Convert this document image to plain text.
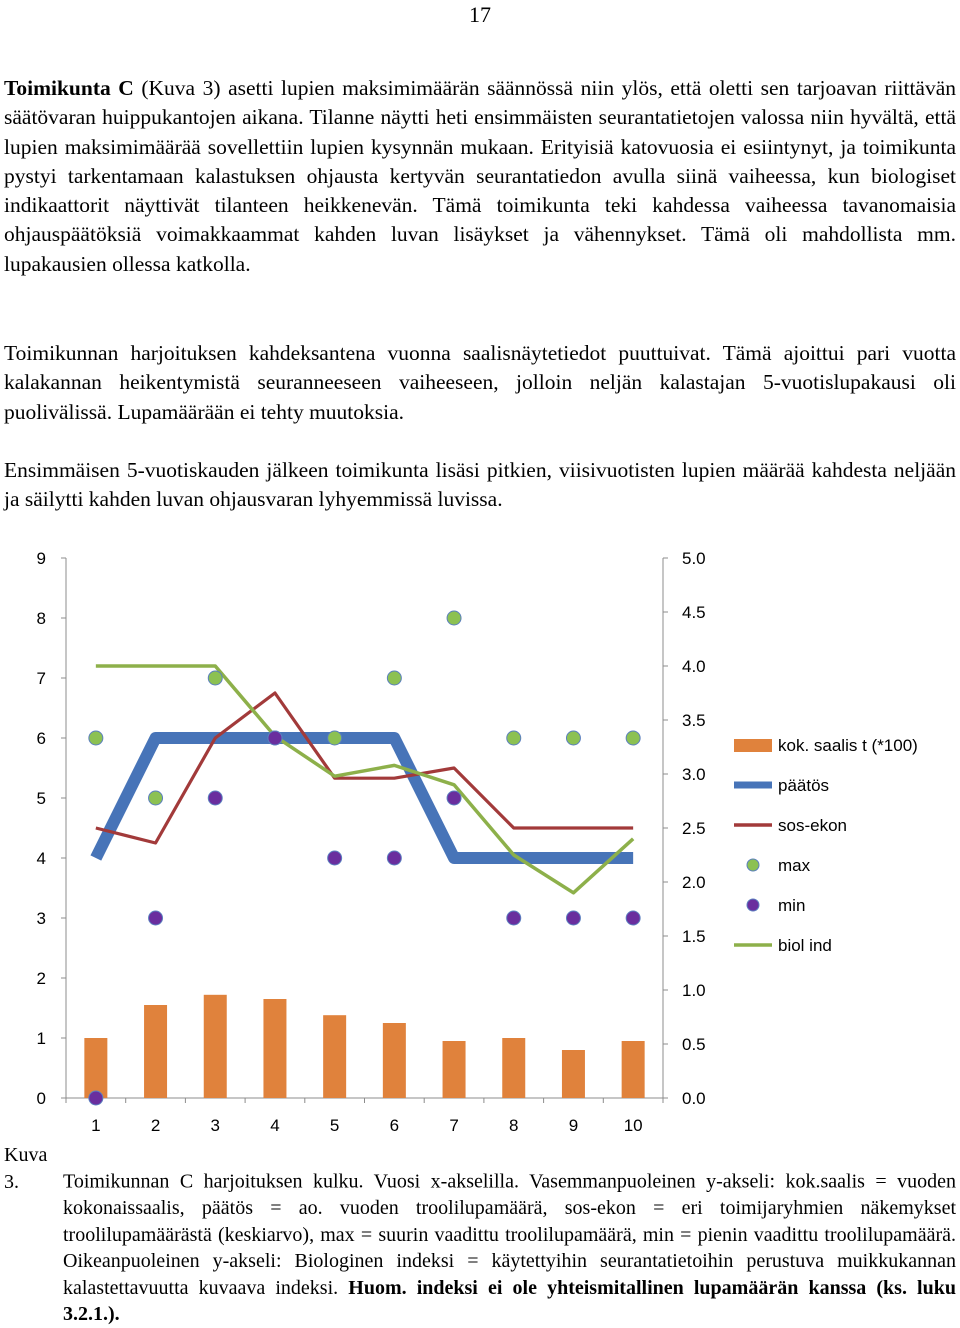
17

Toimikunta C (Kuva 3) asetti lupien maksimimäärän säännössä niin ylös, että oletti sen tarjoavan riittävän säätövaran huippukantojen aikana. Tilanne näytti heti ensimmäisten seurantatietojen valossa niin hyvältä, että lupien maksimimäärää sovellettiin lupien kysynnän mukaan. Erityisiä katovuosia ei esiintynyt, ja toimikunta pystyi tarkentamaan kalastuksen ohjausta kertyvän seurantatiedon avulla siinä vaiheessa, kun biologiset indikaattorit näyttivät tilanteen heikkenevän. Tämä toimikunta teki kahdessa vaiheessa tavanomaisia ohjauspäätöksiä voimakkaammat kahden luvan lisäykset ja vähennykset. Tämä oli mahdollista mm. lupakausien ollessa katkolla.

Toimikunnan harjoituksen kahdeksantena vuonna saalisnäytetiedot puuttuivat. Tämä ajoittui pari vuotta kalakannan heikentymistä seuranneeseen vaiheeseen, jolloin neljän kalastajan 5-vuotislupakausi oli puolivälissä. Lupamäärään ei tehty muutoksia.

Ensimmäisen 5-vuotiskauden jälkeen toimikunta lisäsi pitkien, viisivuotisten lupien määrää kahdesta neljään ja säilytti kahden luvan ohjausvaran lyhyemmissä luvissa.

0
1
2
3
4
5
6
7
8
9
0.0
0.5
1.0
1.5
2.0
2.5
3.0
3.5
4.0
4.5
5.0
1	2	3	4	5	6	7	8	9	10
kok. saalis t (*100)
päätös
sos-ekon
max
min
biol ind
Kuva 3. Toimikunnan C harjoituksen kulku. Vuosi x-akselilla. Vasemmanpuoleinen y-akseli: kok.saalis = vuoden kokonaissaalis, päätös = ao. vuoden troolilupamäärä, sos-ekon = eri toimijaryhmien näkemykset troolilupamäärästä (keskiarvo), max = suurin vaadittu troolilupamäärä, min = pienin vaadittu troolilupamäärä. Oikeanpuoleinen y-akseli: Biologinen indeksi = käytettyihin seurantatietoihin perustuva muikkukannan kalastettavuutta kuvaava indeksi. Huom. indeksi ei ole yhteismitallinen lupamäärän kanssa (ks. luku 3.2.1.).
